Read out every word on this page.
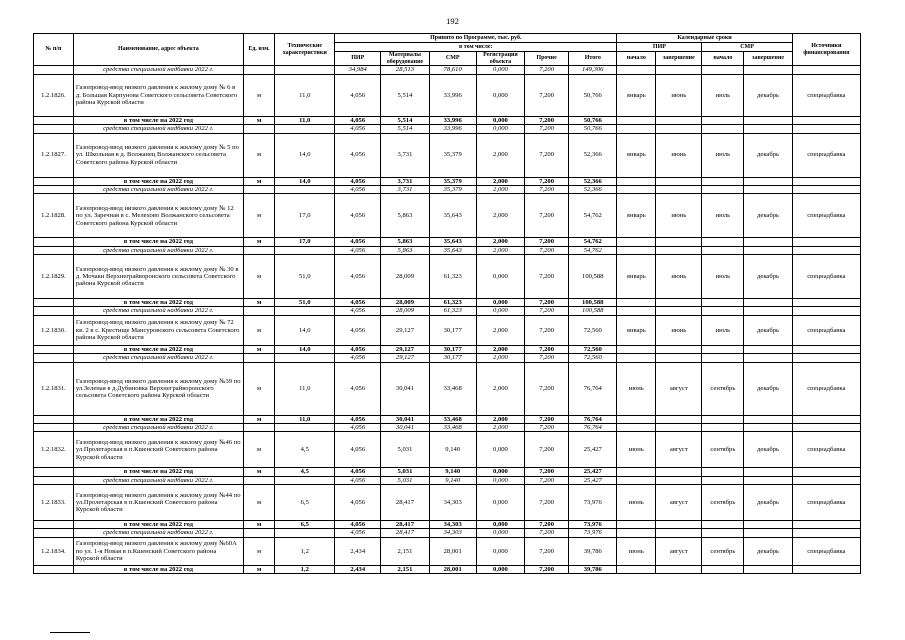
192
№ п/п	Наименование, адрес объекта	Ед. изм.	Технические характеристики	Принято по Программе, тыс. руб.						Календарные сроки				Источники финансирования
				в том числе:						ПИР		СМР		
				ПИР	Материалы оборудование	СМР	Регистрация объекта	Прочие	Итого	начало	завершение	начало	завершение	
	средства специальной надбавки 2022 г.			34,984	28,513	78,610	0,000	7,200	149,306					
1.2.1826.	Газопровод-ввод низкого давления к жилому дому № 6 в д. Большая Карпунова Советского сельсовета Советского района Курской области	м	11,0	4,056	5,514	33,996	0,000	7,200	50,766	январь	июнь	июль	декабрь	спецнадбавка
	в том числе на 2022 год	м	11,0	4,056	5,514	33,996	0,000	7,200	50,766					
	средства специальной надбавки 2022 г.			4,056	5,514	33,996	0,000	7,200	50,766					
1.2.1827.	Газопровод-ввод низкого давления к жилому дому № 5 по ул. Школьная в д. Волжанец Волжанского сельсовета Советского района Курской области	м	14,0	4,056	3,731	35,379	2,000	7,200	52,366	январь	июнь	июль	декабрь	спецнадбавка
	в том числе на 2022 год	м	14,0	4,056	3,731	35,379	2,000	7,200	52,366					
	средства специальной надбавки 2022 г.			4,056	3,731	35,379	2,000	7,200	52,366					
1.2.1828.	Газопровод-ввод низкого давления к жилому дому № 12 по ул. Заречная в с. Мелехово Волжанского сельсовета Советского района Курской области	м	17,0	4,056	5,863	35,643	2,000	7,200	54,762	январь	июнь	июль	декабрь	спецнадбавка
	в том числе на 2022 год	м	17,0	4,056	5,863	35,643	2,000	7,200	54,762					
	средства специальной надбавки 2022 г.			4,056	5,863	35,643	2,000	7,200	54,762					
1.2.1829.	Газопровод-ввод низкого давления к жилому дому № 30 в д. Мочаки Верхнеграйворонского сельсовета Советского района Курской области	м	51,0	4,056	28,009	61,323	0,000	7,200	100,588	январь	июнь	июль	декабрь	спецнадбавка
	в том числе на 2022 год	м	51,0	4,056	28,009	61,323	0,000	7,200	100,588					
	средства специальной надбавки 2022 г.			4,056	28,009	61,323	0,000	7,200	100,588					
1.2.1830.	Газопровод-ввод низкого давления к жилому дому № 72 кв. 2 в с. Крестище Мансуровского сельсовета Советского района Курской области	м	14,0	4,056	29,127	30,177	2,000	7,200	72,560	январь	июнь	июль	декабрь	спецнадбавка
	в том числе на 2022 год	м	14,0	4,056	29,127	30,177	2,000	7,200	72,560					
	средства специальной надбавки 2022 г.			4,056	29,127	30,177	2,000	7,200	72,560					
1.2.1831.	Газопровод-ввод низкого давления к жилому дому №39 по ул.Зеленая в д.Дубиновка Верхнеграйворонского сельсовета Советского района Курской области	м	11,0	4,056	30,041	33,468	2,000	7,200	76,764	июнь	август	сентябрь	декабрь	спецнадбавка
	в том числе на 2022 год	м	11,0	4,056	30,041	33,468	2,000	7,200	76,764					
	средства специальной надбавки 2022 г.			4,056	30,041	33,468	2,000	7,200	76,764					
1.2.1832.	Газопровод-ввод низкого давления к жилому дому №46 по ул.Пролетарская в п.Кшенский Советского района Курской области	м	4,5	4,056	5,031	9,140	0,000	7,200	25,427	июнь	август	сентябрь	декабрь	спецнадбавка
	в том числе на 2022 год	м	4,5	4,056	5,031	9,140	0,000	7,200	25,427					
	средства специальной надбавки 2022 г.			4,056	5,031	9,140	0,000	7,200	25,427					
1.2.1833.	Газопровод-ввод низкого давления к жилому дому №44 по ул.Пролетарская в п.Кшенский Советского района Курской области	м	6,5	4,056	28,417	34,303	0,000	7,200	73,976	июнь	август	сентябрь	декабрь	спецнадбавка
	в том числе на 2022 год	м	6,5	4,056	28,417	34,303	0,000	7,200	73,976					
	средства специальной надбавки 2022 г.			4,056	28,417	34,303	0,000	7,200	73,976					
1.2.1834.	Газопровод-ввод низкого давления к жилому дому №60А по ул. 1-я Новая в п.Кшенский Советского района Курской области	м	1,2	2,434	2,151	28,001	0,000	7,200	39,786	июнь	август	сентябрь	декабрь	спецнадбавка
	в том числе на 2022 год	м	1,2	2,434	2,151	28,001	0,000	7,200	39,786					
